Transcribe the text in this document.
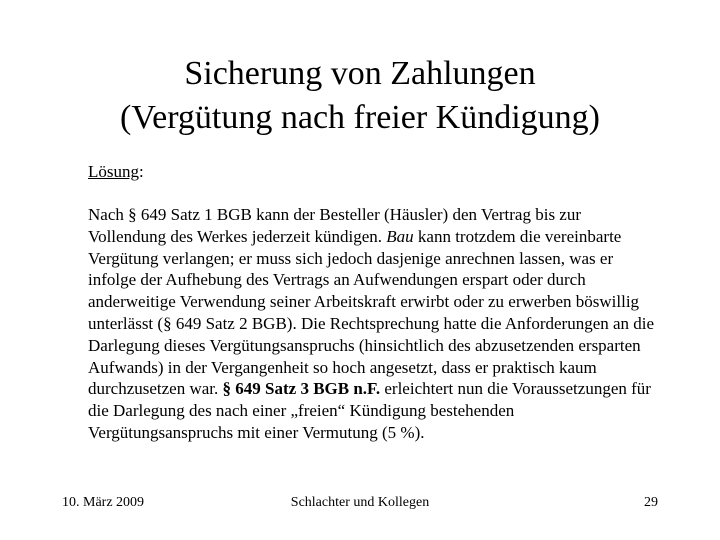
Sicherung von Zahlungen
(Vergütung nach freier Kündigung)
Lösung:
Nach § 649 Satz 1 BGB kann der Besteller (Häusler) den Vertrag bis zur Vollendung des Werkes jederzeit kündigen. Bau kann trotzdem die vereinbarte Vergütung verlangen; er muss sich jedoch dasjenige anrechnen lassen, was er infolge der Aufhebung des Vertrags an Aufwendungen erspart oder durch anderweitige Verwendung seiner Arbeitskraft erwirbt oder zu erwerben böswillig unterlässt (§ 649 Satz 2 BGB). Die Rechtsprechung hatte die Anforderungen an die Darlegung dieses Vergütungsanspruchs (hinsichtlich des abzusetzenden ersparten Aufwands) in der Vergangenheit so hoch angesetzt, dass er praktisch kaum durchzusetzen war. § 649 Satz 3 BGB n.F. erleichtert nun die Voraussetzungen für die Darlegung des nach einer „freien“ Kündigung bestehenden Vergütungsanspruchs mit einer Vermutung (5 %).
10. März 2009	Schlachter und Kollegen	29
